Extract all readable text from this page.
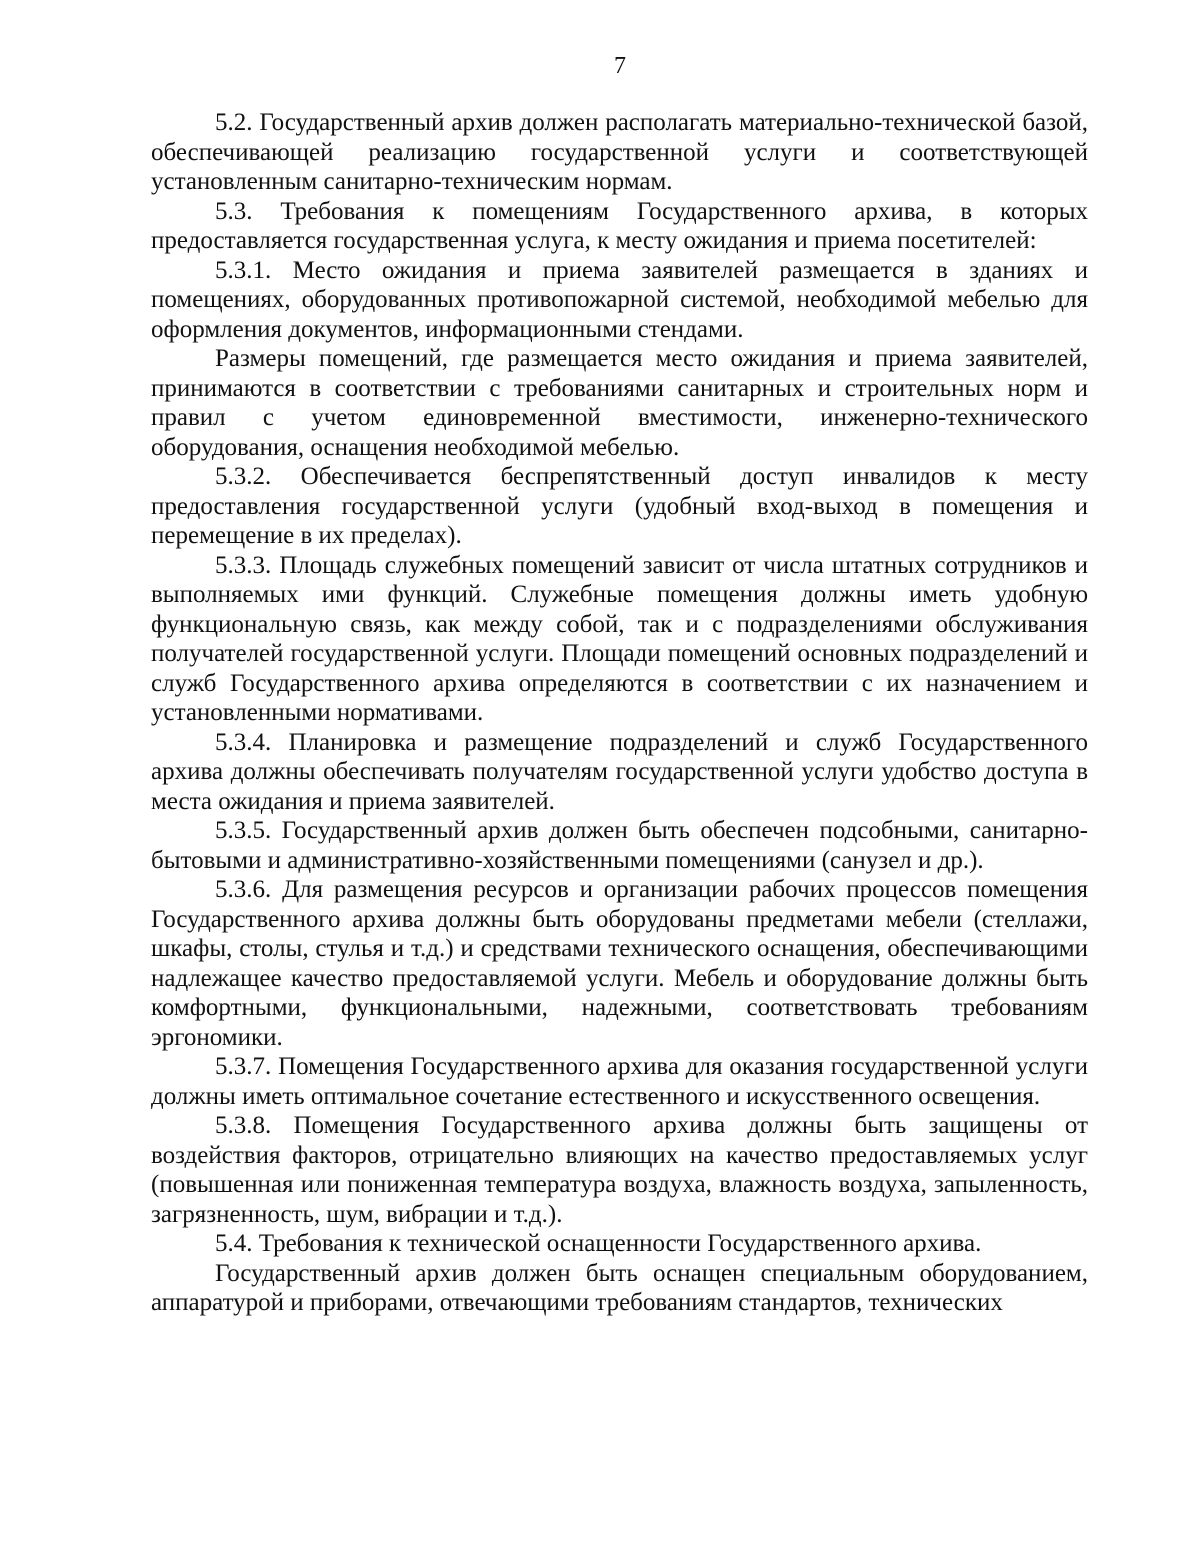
7

5.2. Государственный архив должен располагать материально-технической базой, обеспечивающей реализацию государственной услуги и соответствующей установленным санитарно-техническим нормам.

5.3. Требования к помещениям Государственного архива, в которых предоставляется государственная услуга, к месту ожидания и приема посетителей:

5.3.1. Место ожидания и приема заявителей размещается в зданиях и помещениях, оборудованных противопожарной системой, необходимой мебелью для оформления документов, информационными стендами.

Размеры помещений, где размещается место ожидания и приема заявителей, принимаются в соответствии с требованиями санитарных и строительных норм и правил с учетом единовременной вместимости, инженерно-технического оборудования, оснащения необходимой мебелью.

5.3.2. Обеспечивается беспрепятственный доступ инвалидов к месту предоставления государственной услуги (удобный вход-выход в помещения и перемещение в их пределах).

5.3.3. Площадь служебных помещений зависит от числа штатных сотрудников и выполняемых ими функций. Служебные помещения должны иметь удобную функциональную связь, как между собой, так и с подразделениями обслуживания получателей государственной услуги. Площади помещений основных подразделений и служб Государственного архива определяются в соответствии с их назначением и установленными нормативами.

5.3.4. Планировка и размещение подразделений и служб Государственного архива должны обеспечивать получателям государственной услуги удобство доступа в места ожидания и приема заявителей.

5.3.5. Государственный архив должен быть обеспечен подсобными, санитарно-бытовыми и административно-хозяйственными помещениями (санузел и др.).

5.3.6. Для размещения ресурсов и организации рабочих процессов помещения Государственного архива должны быть оборудованы предметами мебели (стеллажи, шкафы, столы, стулья и т.д.) и средствами технического оснащения, обеспечивающими надлежащее качество предоставляемой услуги. Мебель и оборудование должны быть комфортными, функциональными, надежными, соответствовать требованиям эргономики.

5.3.7. Помещения Государственного архива для оказания государственной услуги должны иметь оптимальное сочетание естественного и искусственного освещения.

5.3.8. Помещения Государственного архива должны быть защищены от воздействия факторов, отрицательно влияющих на качество предоставляемых услуг (повышенная или пониженная температура воздуха, влажность воздуха, запыленность, загрязненность, шум, вибрации и т.д.).

5.4. Требования к технической оснащенности Государственного архива.

Государственный архив должен быть оснащен специальным оборудованием, аппаратурой и приборами, отвечающими требованиям стандартов, технических
